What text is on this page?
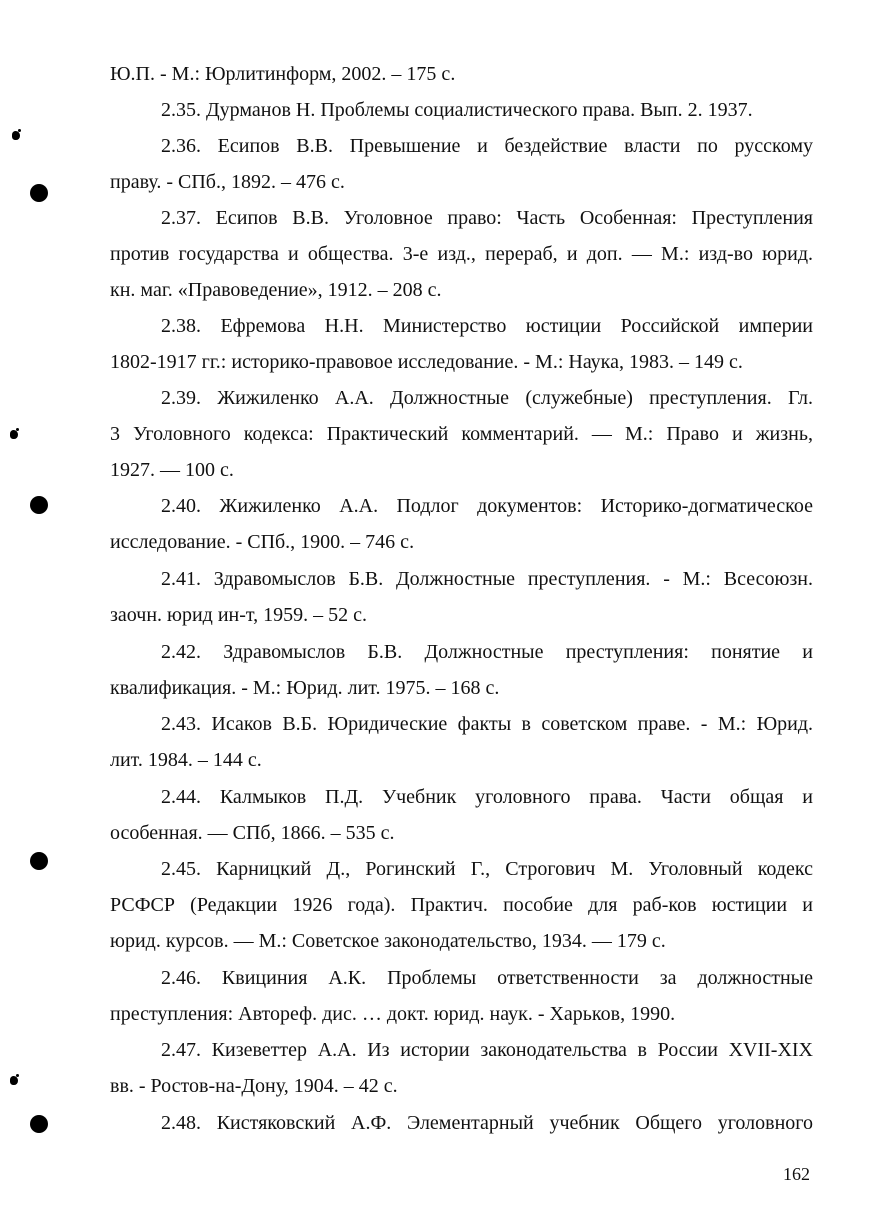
Ю.П. - М.: Юрлитинформ, 2002. – 175 с.
2.35. Дурманов Н. Проблемы социалистического права. Вып. 2. 1937.
2.36. Есипов В.В. Превышение и бездействие власти по русскому
праву. - СПб., 1892. – 476 с.
2.37. Есипов В.В. Уголовное право: Часть Особенная: Преступления
против государства и общества. 3-е изд., перераб, и доп. — М.: изд-во юрид.
кн. маг. «Правоведение», 1912. – 208 с.
2.38. Ефремова Н.Н. Министерство юстиции Российской империи
1802-1917 гг.: историко-правовое исследование. - М.: Наука, 1983. – 149 с.
2.39. Жижиленко А.А. Должностные (служебные) преступления. Гл.
3 Уголовного кодекса: Практический комментарий. — М.: Право и жизнь,
1927. — 100 с.
2.40. Жижиленко А.А. Подлог документов: Историко-догматическое
исследование. - СПб., 1900. – 746 с.
2.41. Здравомыслов Б.В. Должностные преступления. - М.: Всесоюзн.
заочн. юрид ин-т, 1959. – 52 с.
2.42. Здравомыслов Б.В. Должностные преступления: понятие и
квалификация. - М.: Юрид. лит. 1975. – 168 с.
2.43. Исаков В.Б. Юридические факты в советском праве. - М.: Юрид.
лит. 1984. – 144 с.
2.44. Калмыков П.Д. Учебник уголовного права. Части общая и
особенная. — СПб, 1866. – 535 с.
2.45. Карницкий Д., Рогинский Г., Строгович М. Уголовный кодекс
РСФСР (Редакции 1926 года). Практич. пособие для раб-ков юстиции и
юрид. курсов. — М.: Советское законодательство, 1934. — 179 с.
2.46. Квициния А.К. Проблемы ответственности за должностные
преступления: Автореф. дис. … докт. юрид. наук. - Харьков, 1990.
2.47. Кизеветтер А.А. Из истории законодательства в России XVII-XIX
вв. - Ростов-на-Дону, 1904. – 42 с.
2.48. Кистяковский А.Ф. Элементарный учебник Общего уголовного
162
